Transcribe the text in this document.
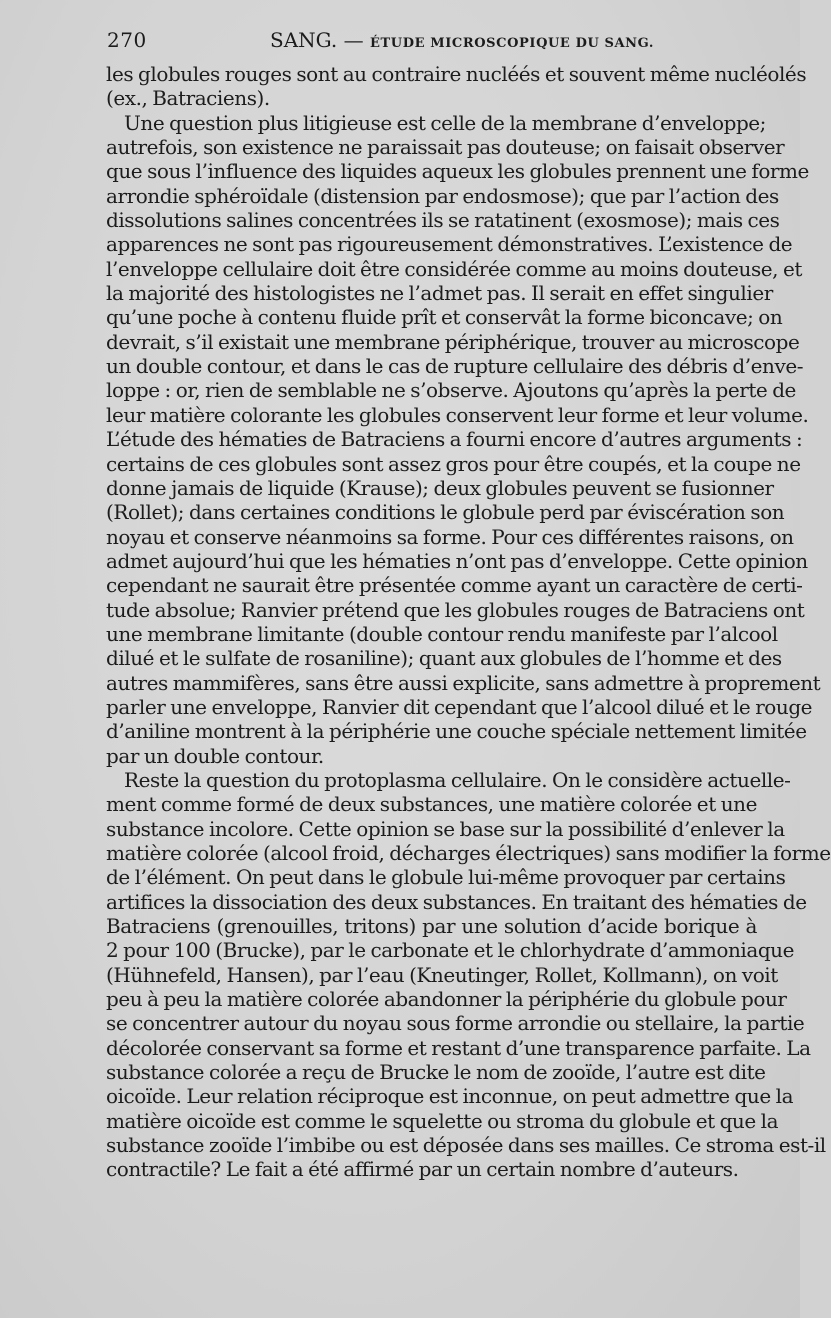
270	SANG. — ÉTUDE MICROSCOPIQUE DU SANG.
les globules rouges sont au contraire nucléés et souvent même nucléolés
(ex., Batraciens).
Une question plus litigieuse est celle de la membrane d’enveloppe;
autrefois, son existence ne paraissait pas douteuse; on faisait observer
que sous l’influence des liquides aqueux les globules prennent une forme
arrondie sphéroïdale (distension par endosmose); que par l’action des
dissolutions salines concentrées ils se ratatinent (exosmose); mais ces
apparences ne sont pas rigoureusement démonstratives. L’existence de
l’enveloppe cellulaire doit être considérée comme au moins douteuse, et
la majorité des histologistes ne l’admet pas. Il serait en effet singulier
qu’une poche à contenu fluide prît et conservât la forme biconcave; on
devrait, s’il existait une membrane périphérique, trouver au microscope
un double contour, et dans le cas de rupture cellulaire des débris d’enve-
loppe : or, rien de semblable ne s’observe. Ajoutons qu’après la perte de
leur matière colorante les globules conservent leur forme et leur volume.
L’étude des hématies de Batraciens a fourni encore d’autres arguments :
certains de ces globules sont assez gros pour être coupés, et la coupe ne
donne jamais de liquide (Krause); deux globules peuvent se fusionner
(Rollet); dans certaines conditions le globule perd par éviscération son
noyau et conserve néanmoins sa forme. Pour ces différentes raisons, on
admet aujourd’hui que les hématies n’ont pas d’enveloppe. Cette opinion
cependant ne saurait être présentée comme ayant un caractère de certi-
tude absolue; Ranvier prétend que les globules rouges de Batraciens ont
une membrane limitante (double contour rendu manifeste par l’alcool
dilué et le sulfate de rosaniline); quant aux globules de l’homme et des
autres mammifères, sans être aussi explicite, sans admettre à proprement
parler une enveloppe, Ranvier dit cependant que l’alcool dilué et le rouge
d’aniline montrent à la périphérie une couche spéciale nettement limitée
par un double contour.
Reste la question du protoplasma cellulaire. On le considère actuelle-
ment comme formé de deux substances, une matière colorée et une
substance incolore. Cette opinion se base sur la possibilité d’enlever la
matière colorée (alcool froid, décharges électriques) sans modifier la forme
de l’élément. On peut dans le globule lui-même provoquer par certains
artifices la dissociation des deux substances. En traitant des hématies de
Batraciens (grenouilles, tritons) par une solution d’acide borique à
2 pour 100 (Brucke), par le carbonate et le chlorhydrate d’ammoniaque
(Hühnefeld, Hansen), par l’eau (Kneutinger, Rollet, Kollmann), on voit
peu à peu la matière colorée abandonner la périphérie du globule pour
se concentrer autour du noyau sous forme arrondie ou stellaire, la partie
décolorée conservant sa forme et restant d’une transparence parfaite. La
substance colorée a reçu de Brucke le nom de zooïde, l’autre est dite
oicoïde. Leur relation réciproque est inconnue, on peut admettre que la
matière oicoïde est comme le squelette ou stroma du globule et que la
substance zooïde l’imbibe ou est déposée dans ses mailles. Ce stroma est-il
contractile? Le fait a été affirmé par un certain nombre d’auteurs.
